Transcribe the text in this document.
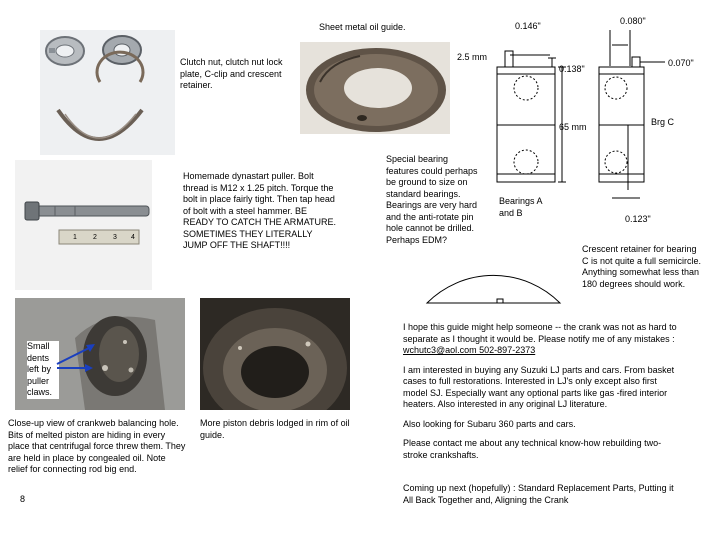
1 2 3 4
Small dents left by puller claws.
Sheet metal oil guide.
Clutch nut, clutch nut lock plate, C-clip and crescent retainer.
0.146"	0.080"
2.5 mm
0.138"
0.070"
65 mm	Brg C
0.123"
Bearings A and B
Special bearing features could perhaps be ground to size on standard bearings. Bearings are very hard and the anti-rotate pin hole cannot be drilled. Perhaps EDM?
Homemade dynastart puller. Bolt thread is M12 x 1.25 pitch. Torque the bolt in place fairly tight. Then tap head of bolt with a steel hammer. BE READY TO CATCH THE ARMATURE. SOMETIMES THEY LITERALLY JUMP OFF THE SHAFT!!!!	Crescent retainer for bearing C is not quite a full semicircle. Anything somewhat less than 180 degrees should work.
Close-up view of crankweb balancing hole. Bits of melted piston are hiding in every place that centrifugal force threw them. They are held in place by congealed oil. Note relief for connecting rod big end.
More piston debris lodged in rim of oil guide.
8

I hope this guide might help someone -- the crank was not as hard to separate as I thought it would be. Please notify me of any mistakes : wchutc3@aol.com 502-897-2373

I am interested in buying any Suzuki LJ parts and cars. From basket cases to full restorations. Interested in LJ's only except also first model SJ. Especially want any optional parts like gas -fired interior heaters. Also interested in any original LJ literature.

Also looking for Subaru 360 parts and cars.

Please contact me about any technical know-how rebuilding two-stroke crankshafts.

Coming up next (hopefully) : Standard Replacement Parts, Putting it All Back Together and, Aligning the Crank
